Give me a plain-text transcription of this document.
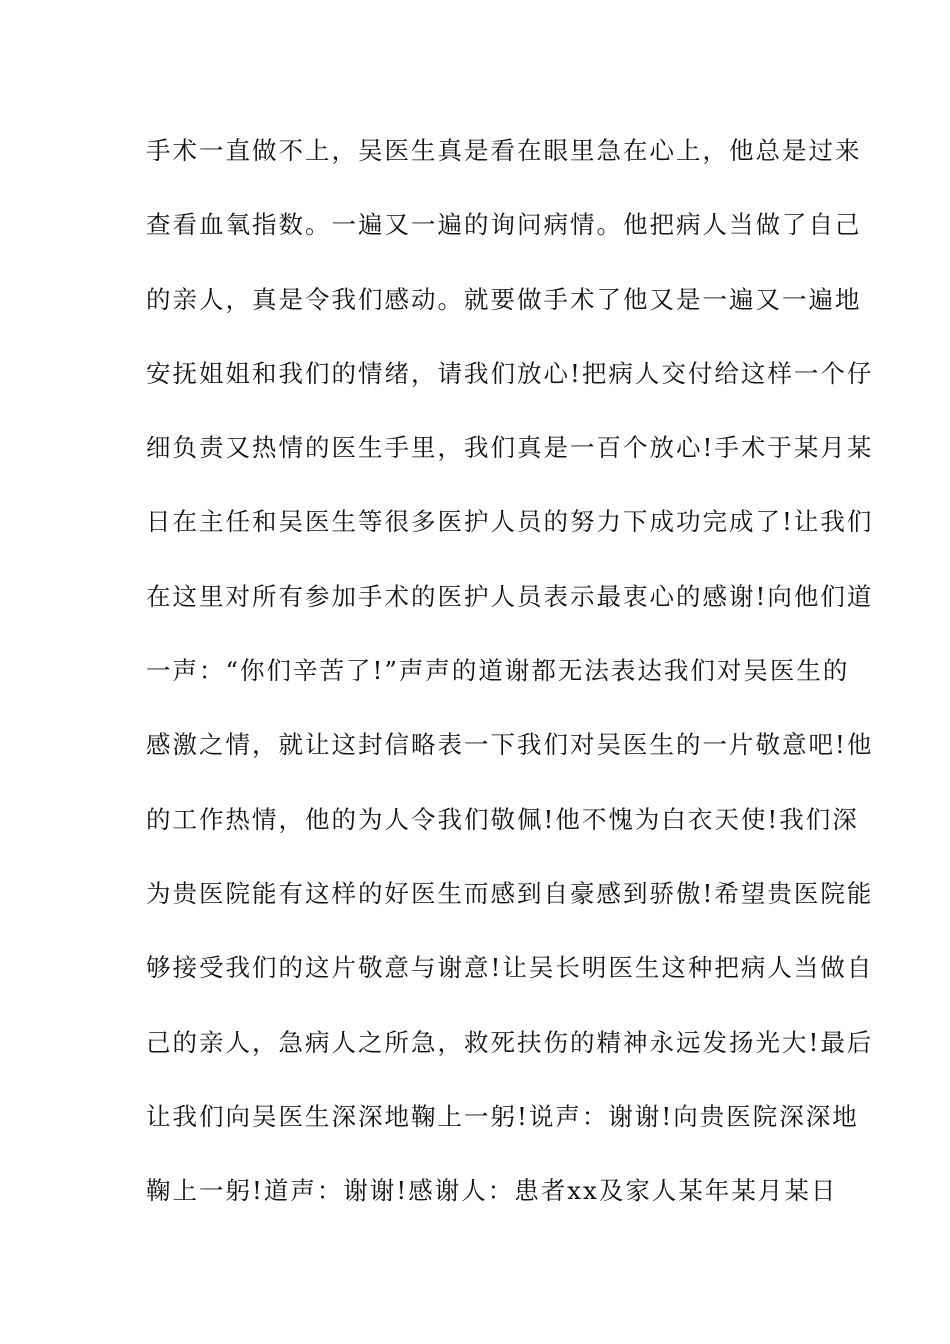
手术一直做不上，吴医生真是看在眼里急在心上，他总是过来
查看血氧指数。一遍又一遍的询问病情。他把病人当做了自己
的亲人，真是令我们感动。就要做手术了他又是一遍又一遍地
安抚姐姐和我们的情绪，请我们放心!把病人交付给这样一个仔
细负责又热情的医生手里，我们真是一百个放心!手术于某月某
日在主任和吴医生等很多医护人员的努力下成功完成了!让我们
在这里对所有参加手术的医护人员表示最衷心的感谢!向他们道
一声：“你们辛苦了!”声声的道谢都无法表达我们对吴医生的
感激之情，就让这封信略表一下我们对吴医生的一片敬意吧!他
的工作热情，他的为人令我们敬佩!他不愧为白衣天使!我们深
为贵医院能有这样的好医生而感到自豪感到骄傲!希望贵医院能
够接受我们的这片敬意与谢意!让吴长明医生这种把病人当做自
己的亲人，急病人之所急，救死扶伤的精神永远发扬光大!最后
让我们向吴医生深深地鞠上一躬!说声：谢谢!向贵医院深深地
鞠上一躬!道声：谢谢!感谢人：患者xx及家人某年某月某日
